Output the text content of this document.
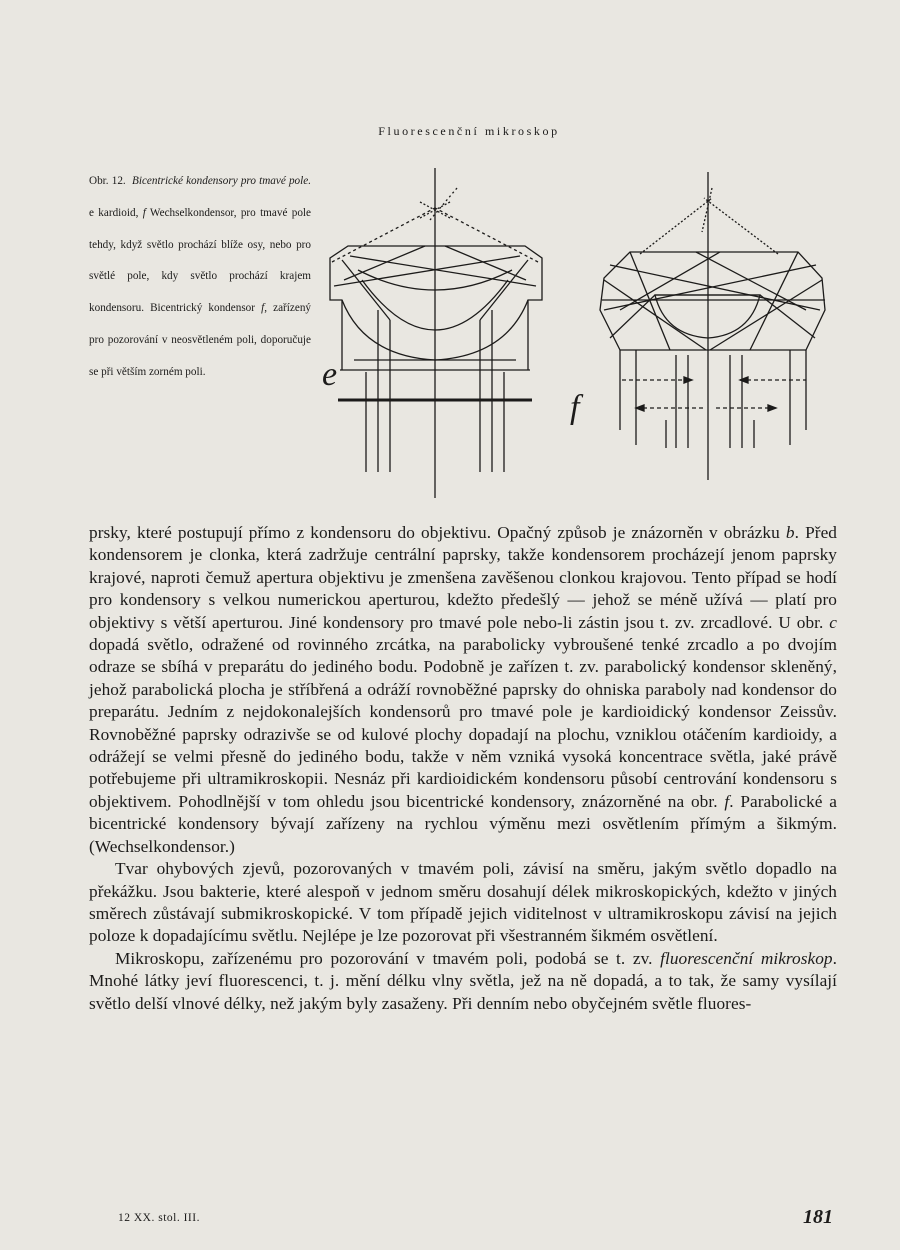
Fluorescenční mikroskop

Obr. 12. Bicentrické kondensory pro tmavé pole. e kardioid, f Wechselkondensor, pro tmavé pole tehdy, když světlo prochází blíže osy, nebo pro světlé pole, kdy světlo prochází krajem kondensoru. Bicentrický kondensor f, zařízený pro pozorování v neosvětleném poli, doporučuje se při větším zorném poli.	e
f

prsky, které postupují přímo z kondensoru do objektivu. Opačný způsob je znázorněn v obrázku b. Před kondensorem je clonka, která zadržuje centrální paprsky, takže kondensorem procházejí jenom paprsky krajové, naproti čemuž apertura objektivu je zmenšena zavěšenou clonkou krajovou. Tento případ se hodí pro kondensory s velkou numerickou aperturou, kdežto předešlý — jehož se méně užívá — platí pro objektivy s větší aperturou. Jiné kondensory pro tmavé pole nebo-li zástin jsou t. zv. zrcadlové. U obr. c dopadá světlo, odražené od rovinného zrcátka, na parabolicky vybroušené tenké zrcadlo a po dvojím odraze se sbíhá v preparátu do jediného bodu. Podobně je zařízen t. zv. parabolický kondensor skleněný, jehož parabolická plocha je stříbřená a odráží rovnoběžné paprsky do ohniska paraboly nad kondensor do preparátu. Jedním z nejdokonalejších kondensorů pro tmavé pole je kardioidický kondensor Zeissův. Rovnoběžné paprsky odrazivše se od kulové plochy dopadají na plochu, vzniklou otáčením kardioidy, a odrážejí se velmi přesně do jediného bodu, takže v něm vzniká vysoká koncentrace světla, jaké právě potřebujeme při ultramikroskopii. Nesnáz při kardioidickém kondensoru působí centrování kondensoru s objektivem. Pohodlnější v tom ohledu jsou bicentrické kondensory, znázorněné na obr. f. Parabolické a bicentrické kondensory bývají zařízeny na rychlou výměnu mezi osvětlením přímým a šikmým. (Wechselkondensor.)

Tvar ohybových zjevů, pozorovaných v tmavém poli, závisí na směru, jakým světlo dopadlo na překážku. Jsou bakterie, které alespoň v jednom směru dosahují délek mikroskopických, kdežto v jiných směrech zůstávají submikroskopické. V tom případě jejich viditelnost v ultramikroskopu závisí na jejich poloze k dopadajícímu světlu. Nejlépe je lze pozorovat při všestranném šikmém osvětlení.

Mikroskopu, zařízenému pro pozorování v tmavém poli, podobá se t. zv. fluorescenční mikroskop. Mnohé látky jeví fluorescenci, t. j. mění délku vlny světla, jež na ně dopadá, a to tak, že samy vysílají světlo delší vlnové délky, než jakým byly zasaženy. Při denním nebo obyčejném světle fluores-

12 XX. stol. III.	181
